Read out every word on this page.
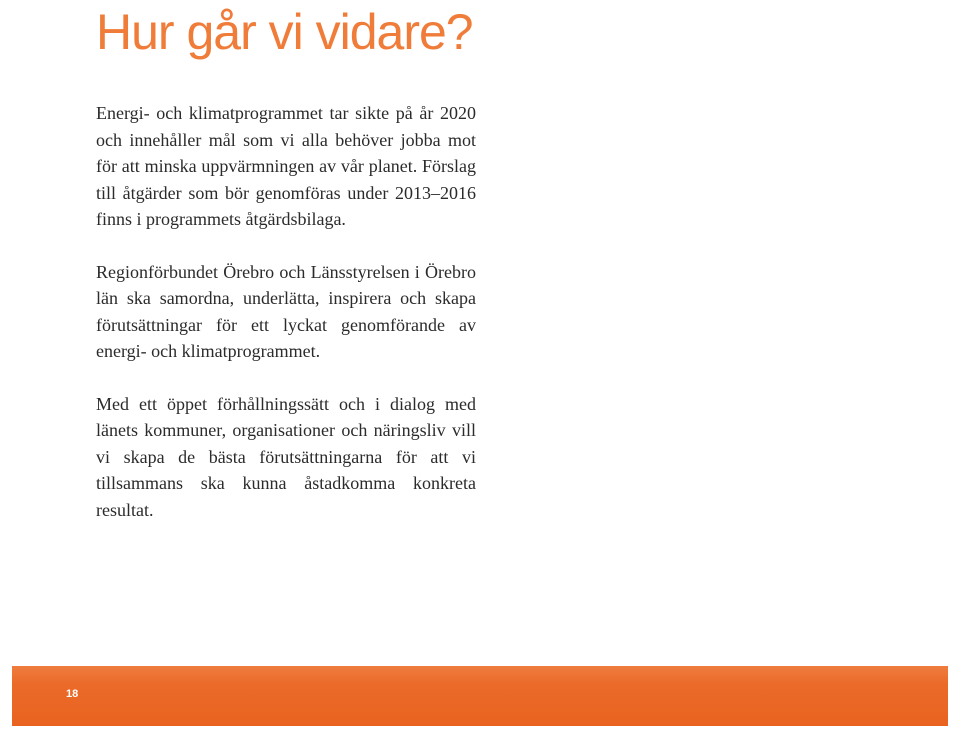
Hur går vi vidare?

Energi- och klimatprogrammet tar sikte på år 2020 och innehåller mål som vi alla behöver jobba mot för att minska uppvärmningen av vår planet. Förslag till åtgärder som bör genomföras under 2013–2016 finns i programmets åtgärdsbilaga.

Regionförbundet Örebro och Länsstyrelsen i Örebro län ska samordna, underlätta, inspirera och skapa förutsättningar för ett lyckat genomförande av energi- och klimatprogrammet.

Med ett öppet förhållningssätt och i dialog med länets kommuner, organisationer och näringsliv vill vi skapa de bästa förutsättningarna för att vi tillsammans ska kunna åstadkomma konkreta resultat.

18
